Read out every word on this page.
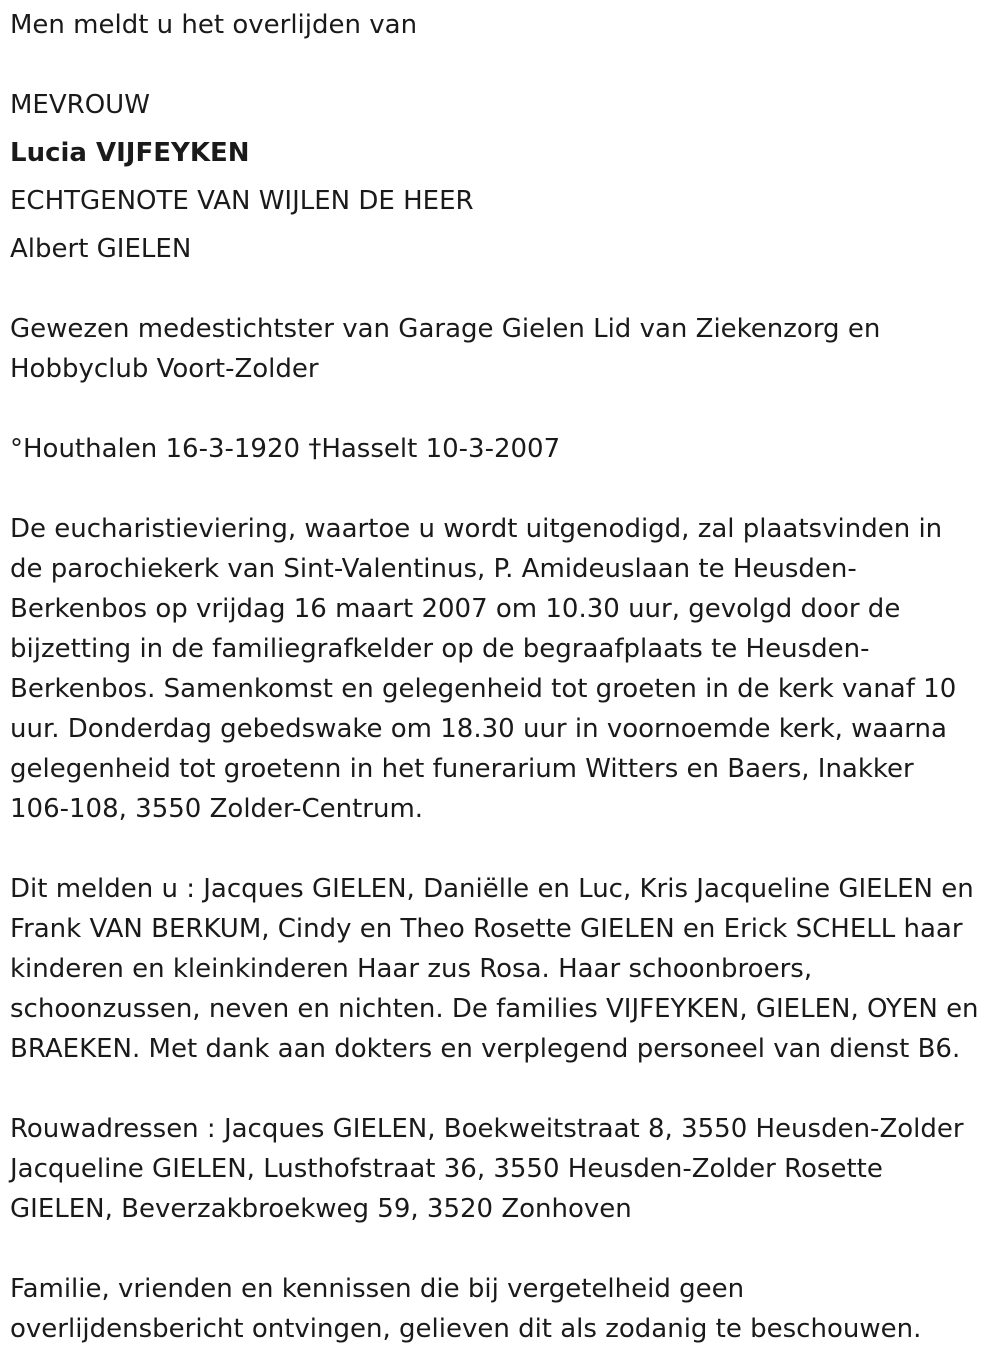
Men meldt u het overlijden van
MEVROUW
Lucia VIJFEYKEN
ECHTGENOTE VAN WIJLEN DE HEER
Albert GIELEN
Gewezen medestichtster van Garage Gielen Lid van Ziekenzorg en
Hobbyclub Voort-Zolder
°Houthalen 16-3-1920 †Hasselt 10-3-2007
De eucharistieviering, waartoe u wordt uitgenodigd, zal plaatsvinden in
de parochiekerk van Sint-Valentinus, P. Amideuslaan te Heusden-
Berkenbos op vrijdag 16 maart 2007 om 10.30 uur, gevolgd door de
bijzetting in de familiegrafkelder op de begraafplaats te Heusden-
Berkenbos. Samenkomst en gelegenheid tot groeten in de kerk vanaf 10
uur. Donderdag gebedswake om 18.30 uur in voornoemde kerk, waarna
gelegenheid tot groetenn in het funerarium Witters en Baers, Inakker
106-108, 3550 Zolder-Centrum.
Dit melden u : Jacques GIELEN, Daniëlle en Luc, Kris Jacqueline GIELEN en
Frank VAN BERKUM, Cindy en Theo Rosette GIELEN en Erick SCHELL haar
kinderen en kleinkinderen Haar zus Rosa. Haar schoonbroers,
schoonzussen, neven en nichten. De families VIJFEYKEN, GIELEN, OYEN en
BRAEKEN. Met dank aan dokters en verplegend personeel van dienst B6.
Rouwadressen : Jacques GIELEN, Boekweitstraat 8, 3550 Heusden-Zolder
Jacqueline GIELEN, Lusthofstraat 36, 3550 Heusden-Zolder Rosette
GIELEN, Beverzakbroekweg 59, 3520 Zonhoven
Familie, vrienden en kennissen die bij vergetelheid geen
overlijdensbericht ontvingen, gelieven dit als zodanig te beschouwen.
